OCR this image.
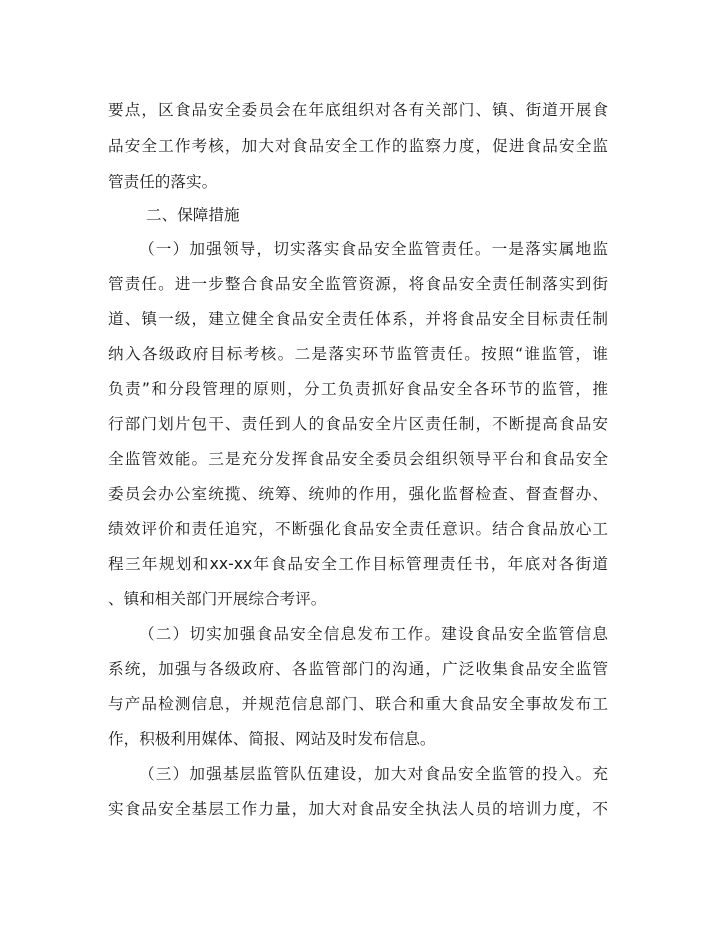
要点，区食品安全委员会在年底组织对各有关部门、镇、街道开展食
品安全工作考核，加大对食品安全工作的监察力度，促进食品安全监
管责任的落实。
二、保障措施
（一）加强领导，切实落实食品安全监管责任。一是落实属地监
管责任。进一步整合食品安全监管资源，将食品安全责任制落实到街
道、镇一级，建立健全食品安全责任体系，并将食品安全目标责任制
纳入各级政府目标考核。二是落实环节监管责任。按照“谁监管，谁
负责”和分段管理的原则，分工负责抓好食品安全各环节的监管，推
行部门划片包干、责任到人的食品安全片区责任制，不断提高食品安
全监管效能。三是充分发挥食品安全委员会组织领导平台和食品安全
委员会办公室统揽、统筹、统帅的作用，强化监督检查、督查督办、
绩效评价和责任追究，不断强化食品安全责任意识。结合食品放心工
程三年规划和xx-xx年食品安全工作目标管理责任书，年底对各街道
、镇和相关部门开展综合考评。
（二）切实加强食品安全信息发布工作。建设食品安全监管信息
系统，加强与各级政府、各监管部门的沟通，广泛收集食品安全监管
与产品检测信息，并规范信息部门、联合和重大食品安全事故发布工
作，积极利用媒体、简报、网站及时发布信息。
（三）加强基层监管队伍建设，加大对食品安全监管的投入。充
实食品安全基层工作力量，加大对食品安全执法人员的培训力度，不
